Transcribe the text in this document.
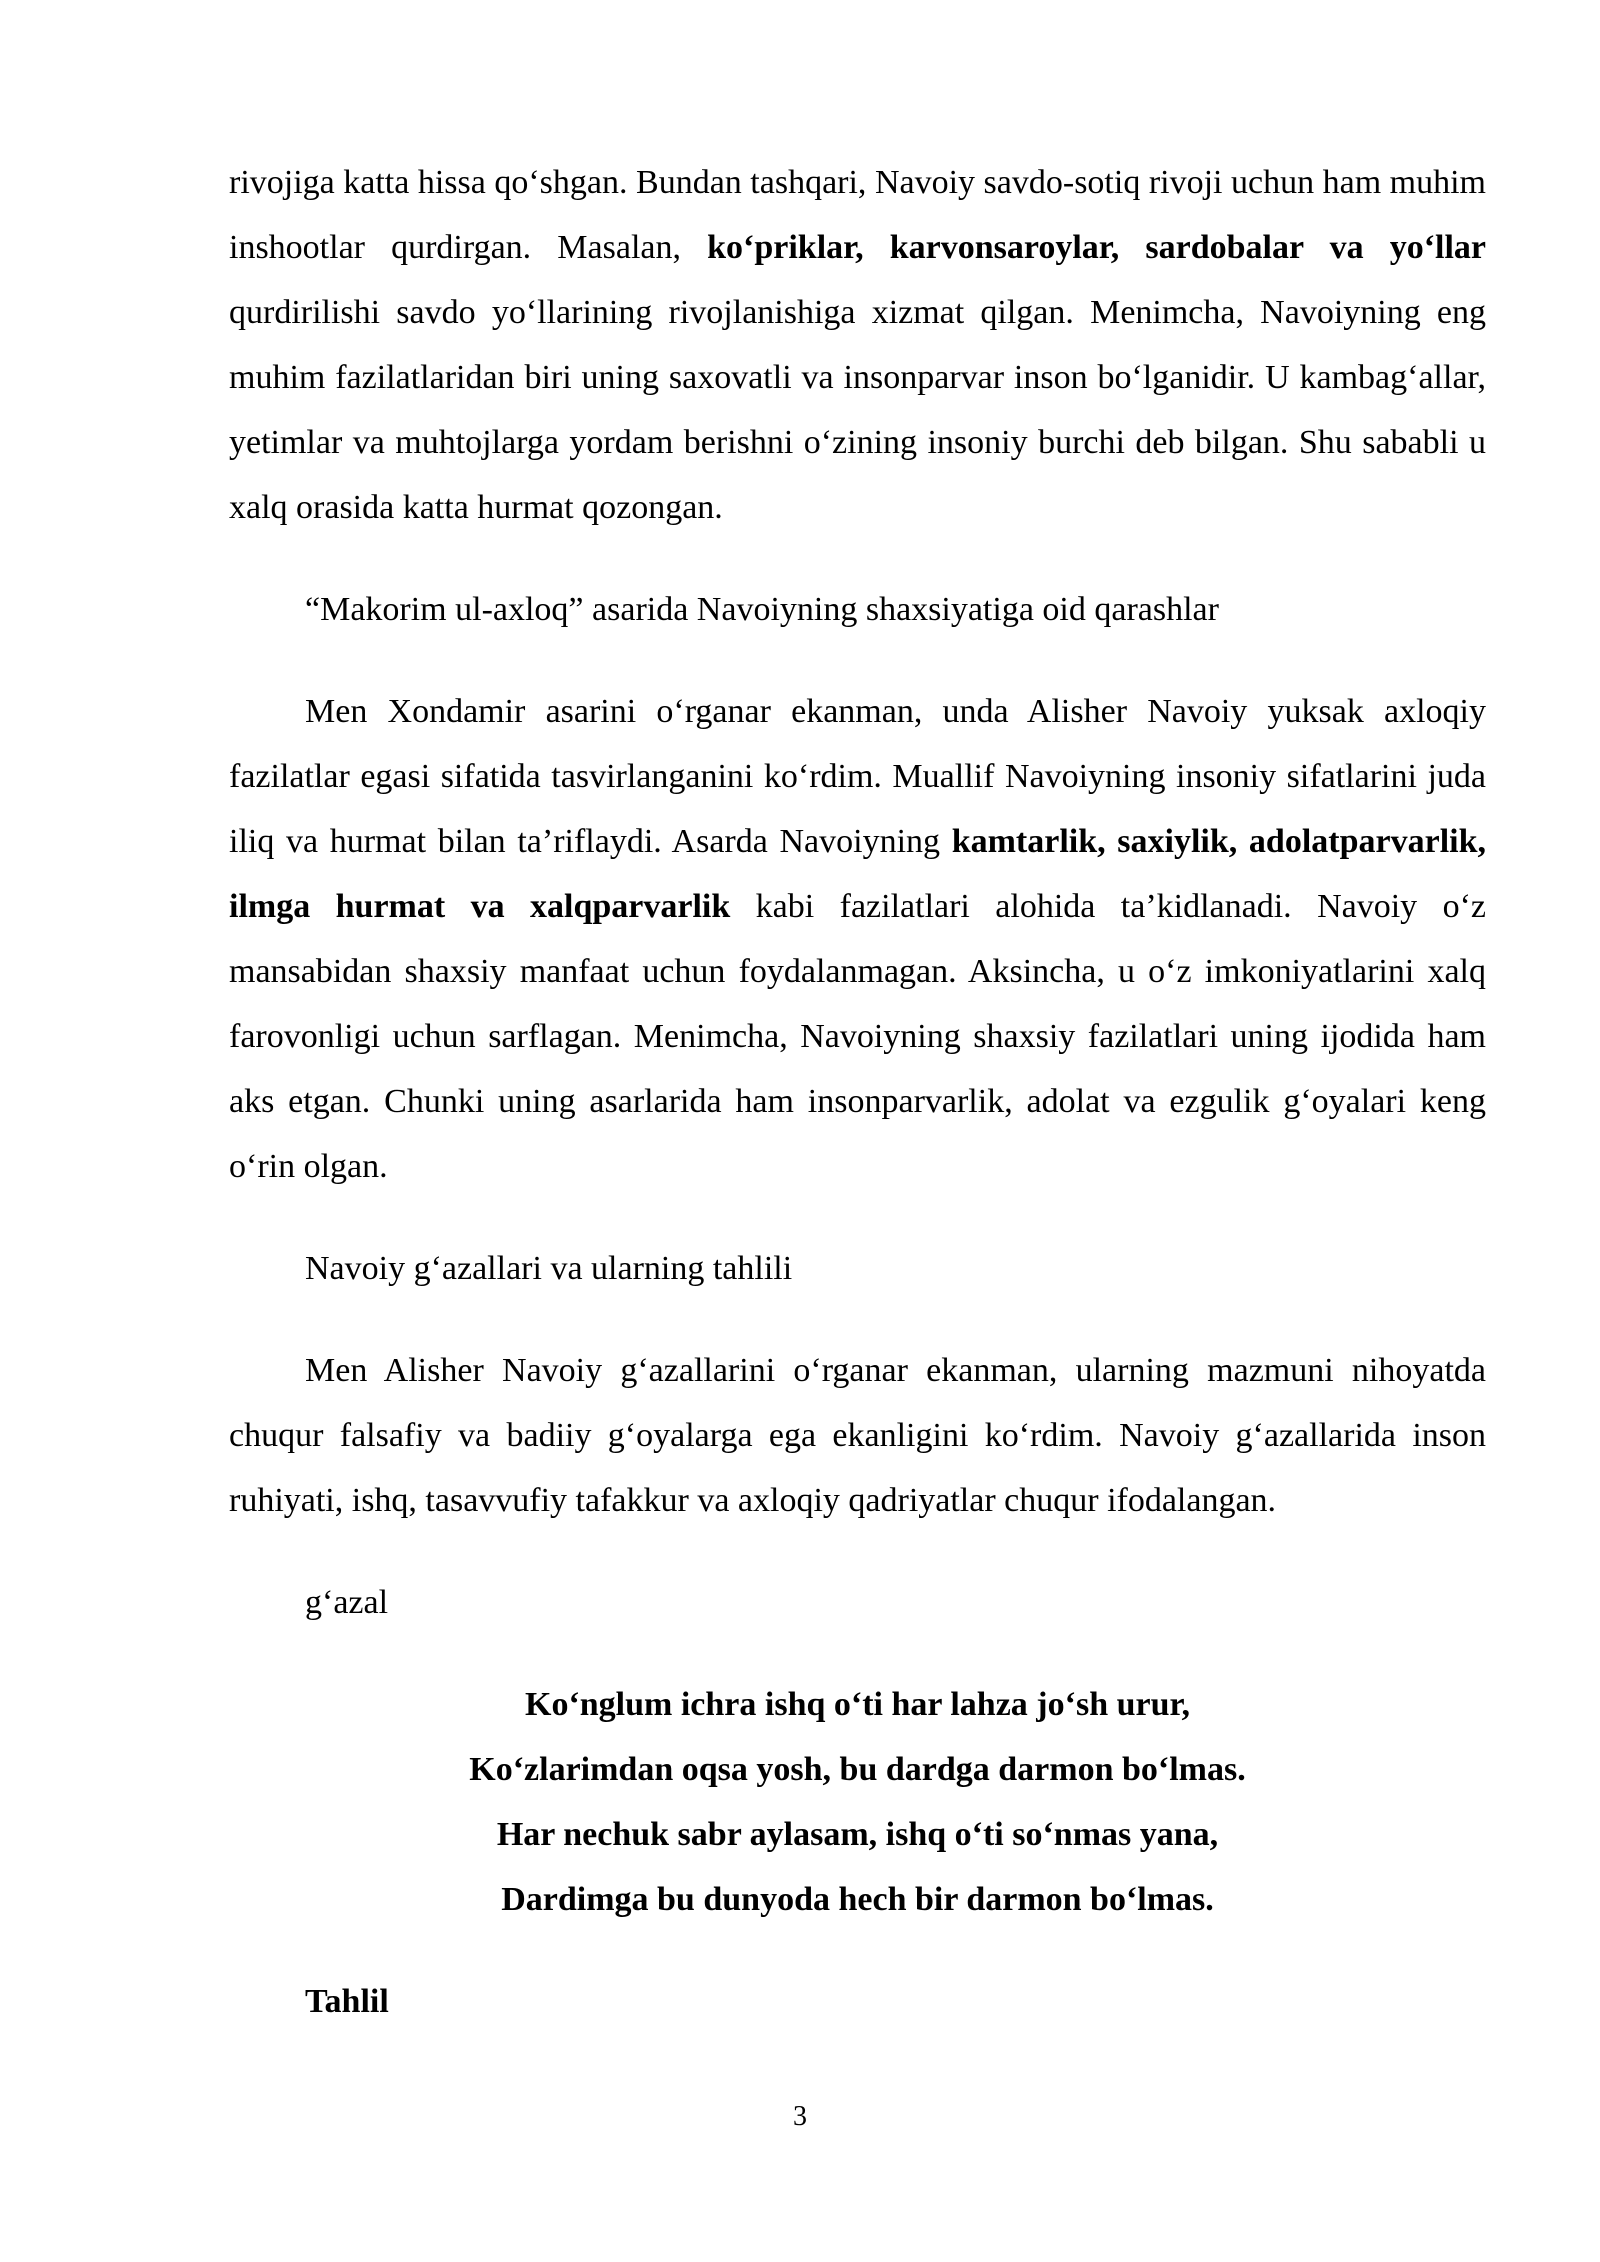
rivojiga katta hissa qo‘shgan. Bundan tashqari, Navoiy savdo-sotiq rivoji uchun ham muhim inshootlar qurdirgan. Masalan, ko‘priklar, karvonsaroylar, sardobalar va yo‘llar qurdirilishi savdo yo‘llarining rivojlanishiga xizmat qilgan. Menimcha, Navoiyning eng muhim fazilatlaridan biri uning saxovatli va insonparvar inson bo‘lganidir. U kambag‘allar, yetimlar va muhtojlarga yordam berishni o‘zining insoniy burchi deb bilgan. Shu sababli u xalq orasida katta hurmat qozongan.

“Makorim ul-axloq” asarida Navoiyning shaxsiyatiga oid qarashlar

Men Xondamir asarini o‘rganar ekanman, unda Alisher Navoiy yuksak axloqiy fazilatlar egasi sifatida tasvirlanganini ko‘rdim. Muallif Navoiyning insoniy sifatlarini juda iliq va hurmat bilan ta’riflaydi. Asarda Navoiyning kamtarlik, saxiylik, adolatparvarlik, ilmga hurmat va xalqparvarlik kabi fazilatlari alohida ta’kidlanadi. Navoiy o‘z mansabidan shaxsiy manfaat uchun foydalanmagan. Aksincha, u o‘z imkoniyatlarini xalq farovonligi uchun sarflagan. Menimcha, Navoiyning shaxsiy fazilatlari uning ijodida ham aks etgan. Chunki uning asarlarida ham insonparvarlik, adolat va ezgulik g‘oyalari keng o‘rin olgan.

Navoiy g‘azallari va ularning tahlili

Men Alisher Navoiy g‘azallarini o‘rganar ekanman, ularning mazmuni nihoyatda chuqur falsafiy va badiiy g‘oyalarga ega ekanligini ko‘rdim. Navoiy g‘azallarida inson ruhiyati, ishq, tasavvufiy tafakkur va axloqiy qadriyatlar chuqur ifodalangan.

g‘azal

Ko‘nglum ichra ishq o‘ti har lahza jo‘sh urur,
Ko‘zlarimdan oqsa yosh, bu dardga darmon bo‘lmas.
Har nechuk sabr aylasam, ishq o‘ti so‘nmas yana,
Dardimga bu dunyoda hech bir darmon bo‘lmas.

Tahlil

3
